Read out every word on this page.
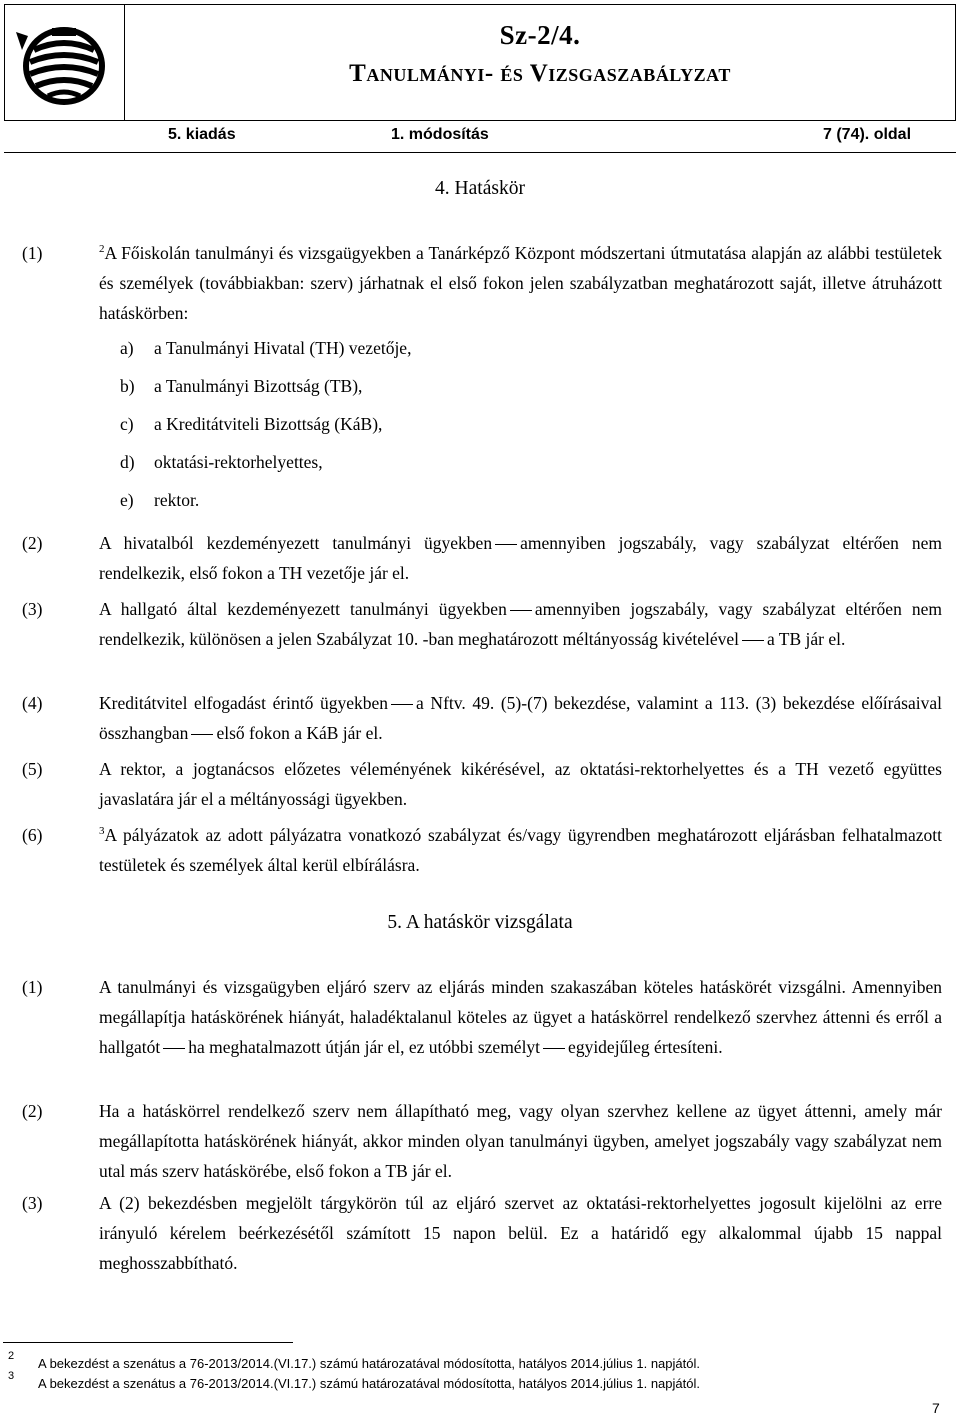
Sz-2/4.
Tanulmányi- és Vizsgaszabályzat
5. kiadás	1. módosítás	7 (74). oldal
4. Hatáskör
(1)	$^2$A Főiskolán tanulmányi és vizsgaügyekben a Tanárképző Központ módszertani útmutatása alapján az alábbi testületek és személyek (továbbiakban: szerv) járhatnak el első fokon jelen szabályzatban meghatározott saját, illetve átruházott hatáskörben:
a) a Tanulmányi Hivatal (TH) vezetője,
b) a Tanulmányi Bizottság (TB),
c) a Kreditátviteli Bizottság (KáB),
d) oktatási-rektorhelyettes,
e) rektor.
(2)	A hivatalból kezdeményezett tanulmányi ügyekben amennyiben jogszabály, vagy szabályzat eltérően nem rendelkezik, első fokon a TH vezetője jár el.
(3)	A hallgató által kezdeményezett tanulmányi ügyekben amennyiben jogszabály, vagy szabályzat eltérően nem rendelkezik, különösen a jelen Szabályzat 10. -ban meghatározott méltányosság kivételével a TB jár el.
(4)	Kreditátvitel elfogadást érintő ügyekben a Nftv. 49. (5)-(7) bekezdése, valamint a 113. (3) bekezdése előírásaival összhangban első fokon a KáB jár el.
(5)	A rektor, a jogtanácsos előzetes véleményének kikérésével, az oktatási-rektorhelyettes és a TH vezető együttes javaslatára jár el a méltányossági ügyekben.
(6)	$^3$A pályázatok az adott pályázatra vonatkozó szabályzat és/vagy ügyrendben meghatározott eljárásban felhatalmazott testületek és személyek által kerül elbírálásra.
5. A hatáskör vizsgálata
(1)	A tanulmányi és vizsgaügyben eljáró szerv az eljárás minden szakaszában köteles hatáskörét vizsgálni. Amennyiben megállapítja hatáskörének hiányát, haladéktalanul köteles az ügyet a hatáskörrel rendelkező szervhez áttenni és erről a hallgatót ha meghatalmazott útján jár el, ez utóbbi személyt egyidejűleg értesíteni.
(2)	Ha a hatáskörrel rendelkező szerv nem állapítható meg, vagy olyan szervhez kellene az ügyet áttenni, amely már megállapította hatáskörének hiányát, akkor minden olyan tanulmányi ügyben, amelyet jogszabály vagy szabályzat nem utal más szerv hatáskörébe, első fokon a TB jár el.
(3)	A (2) bekezdésben megjelölt tárgykörön túl az eljáró szervet az oktatási-rektorhelyettes jogosult kijelölni az erre irányuló kérelem beérkezésétől számított 15 napon belül. Ez a határidő egy alkalommal újabb 15 nappal meghosszabbítható.
2 A bekezdést a szenátus a 76-2013/2014.(VI.17.) számú határozatával módosította, hatályos 2014.július 1. napjától.
3 A bekezdést a szenátus a 76-2013/2014.(VI.17.) számú határozatával módosította, hatályos 2014.július 1. napjától.
7
